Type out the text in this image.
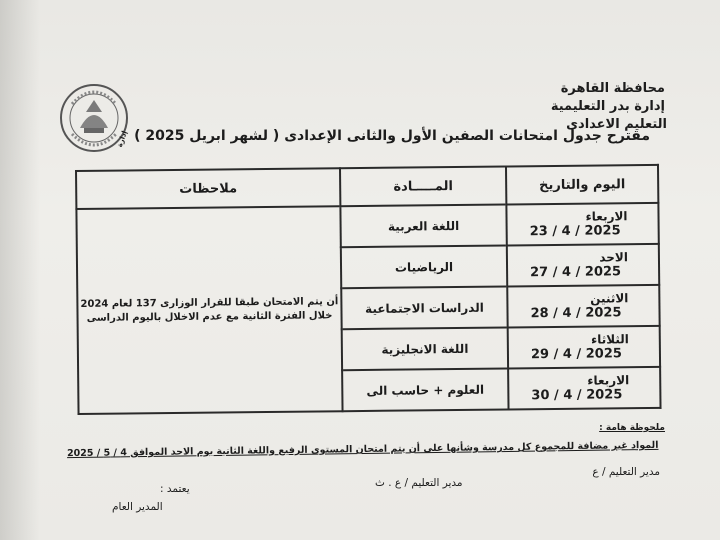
إدارة
محافظة القاهرة
إدارة بدر التعليمية
التعليم الاعدادى
مقترح جدول امتحانات الصفين الأول والثانى الإعدادى ( لشهر ابريل 2025 )
اليوم والتاريخ	المـــــادة	ملاحظات

الاربعاء
2025 / 4 / 23	اللغة العربية	أن يتم الامتحان طبقا للقرار الوزارى 137 لعام 2024 خلال الفترة الثانية مع عدم الاخلال باليوم الدراسى

الاحد
2025 / 4 / 27	الرياضيات	

الاثنين
2025 / 4 / 28	الدراسات الاجتماعية	

الثلاثاء
2025 / 4 / 29	اللغة الانجليزية	

الاربعاء
2025 / 4 / 30	العلوم + حاسب الى	
ملحوظة هامة :
المواد غير مضافة للمجموع كل مدرسة وشأنها على أن يتم امتحان المستوى الرفيع واللغة الثانية يوم الاحد الموافق 4 / 5 / 2025
مدير التعليم / ع
مدير التعليم / ع . ث
يعتمد :
المدير العام
